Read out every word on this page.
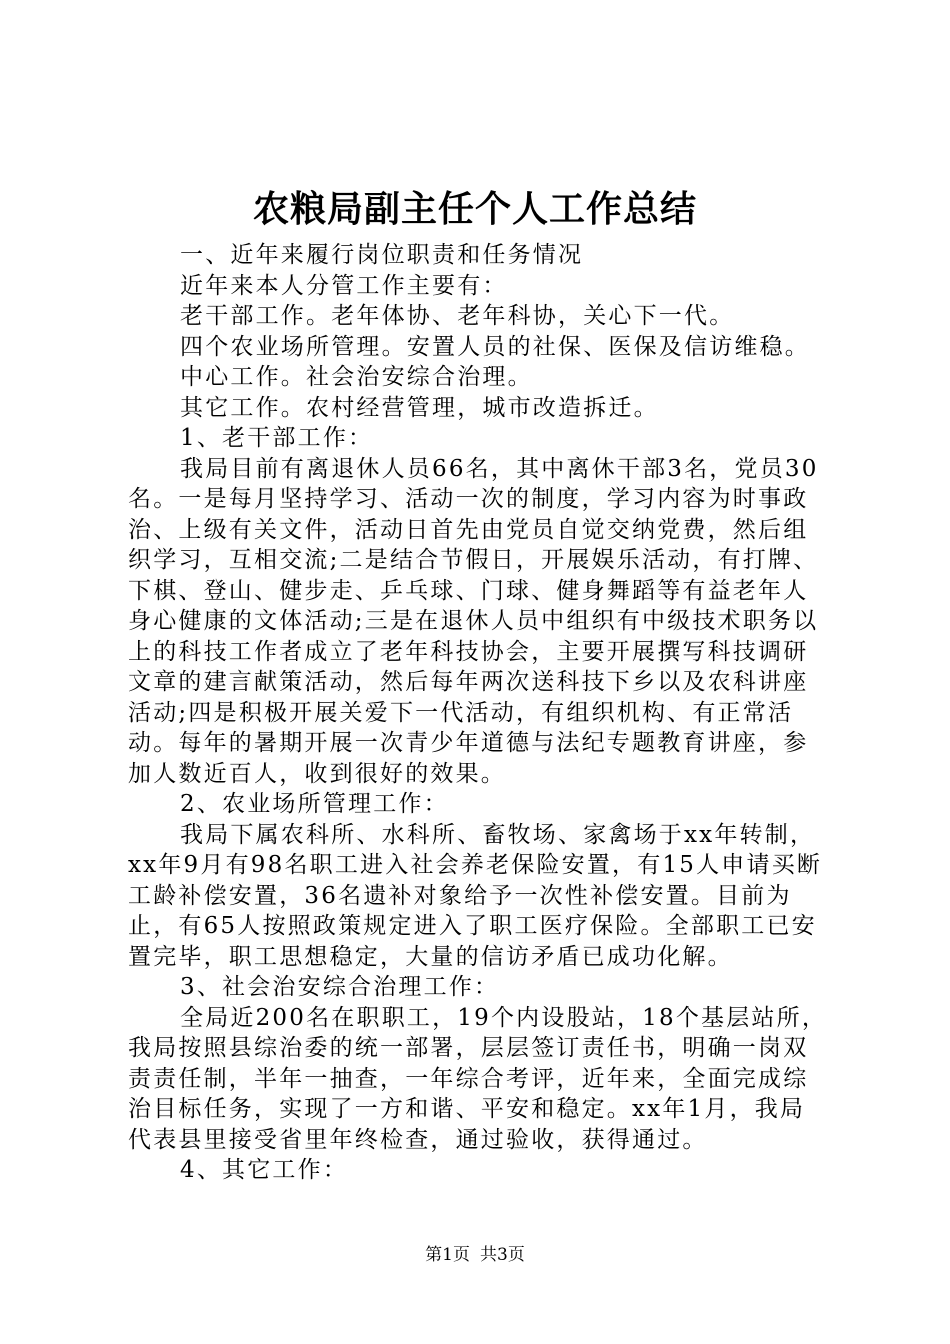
农粮局副主任个人工作总结

一、近年来履行岗位职责和任务情况

近年来本人分管工作主要有：

老干部工作。老年体协、老年科协，关心下一代。

四个农业场所管理。安置人员的社保、医保及信访维稳。

中心工作。社会治安综合治理。

其它工作。农村经营管理，城市改造拆迁。

1、老干部工作：

我局目前有离退休人员66名，其中离休干部3名，党员30名。一是每月坚持学习、活动一次的制度，学习内容为时事政治、上级有关文件，活动日首先由党员自觉交纳党费，然后组织学习，互相交流;二是结合节假日，开展娱乐活动，有打牌、下棋、登山、健步走、乒乓球、门球、健身舞蹈等有益老年人身心健康的文体活动;三是在退休人员中组织有中级技术职务以上的科技工作者成立了老年科技协会，主要开展撰写科技调研文章的建言献策活动，然后每年两次送科技下乡以及农科讲座活动;四是积极开展关爱下一代活动，有组织机构、有正常活动。每年的暑期开展一次青少年道德与法纪专题教育讲座，参加人数近百人，收到很好的效果。

2、农业场所管理工作：

我局下属农科所、水科所、畜牧场、家禽场于xx年转制，xx年9月有98名职工进入社会养老保险安置，有15人申请买断工龄补偿安置，36名遗补对象给予一次性补偿安置。目前为止，有65人按照政策规定进入了职工医疗保险。全部职工已安置完毕，职工思想稳定，大量的信访矛盾已成功化解。

3、社会治安综合治理工作：

全局近200名在职职工，19个内设股站，18个基层站所，我局按照县综治委的统一部署，层层签订责任书，明确一岗双责责任制，半年一抽查，一年综合考评，近年来，全面完成综治目标任务，实现了一方和谐、平安和稳定。xx年1月，我局代表县里接受省里年终检查，通过验收，获得通过。

4、其它工作：

第1页 共3页
